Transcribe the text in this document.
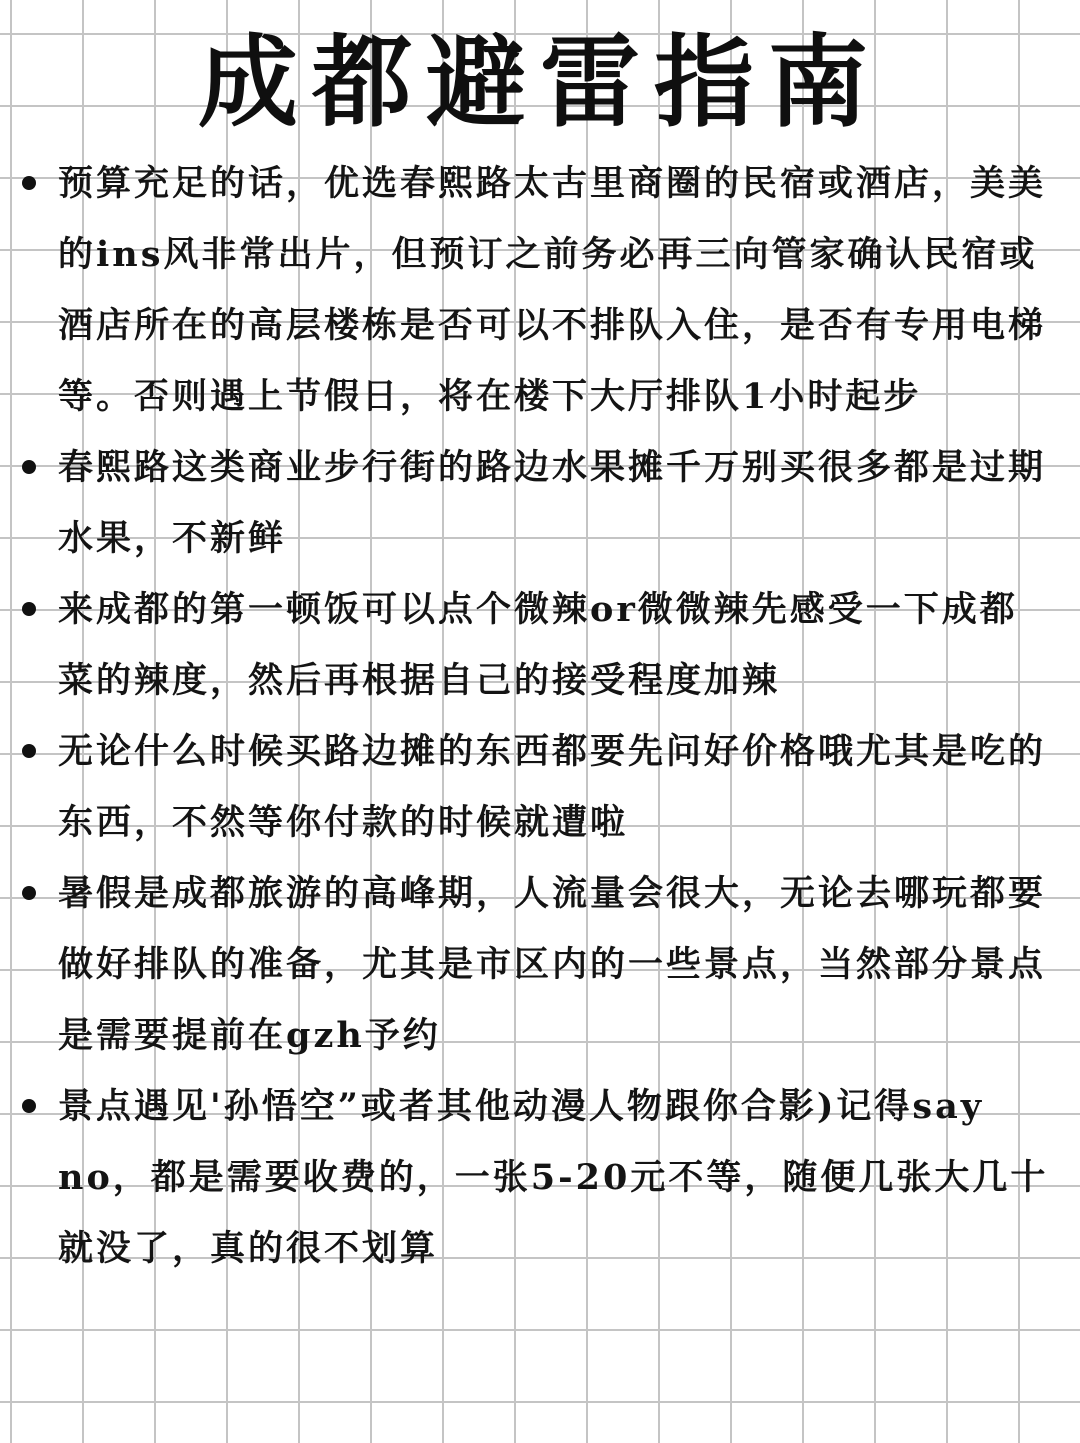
成都避雷指南
预算充足的话，优选春熙路太古里商圈的民宿或酒店，美美的ins风非常出片，但预订之前务必再三向管家确认民宿或酒店所在的高层楼栋是否可以不排队入住，是否有专用电梯等。否则遇上节假日，将在楼下大厅排队1小时起步
春熙路这类商业步行街的路边水果摊千万别买很多都是过期水果，不新鲜
来成都的第一顿饭可以点个微辣or微微辣先感受一下成都菜的辣度，然后再根据自己的接受程度加辣
无论什么时候买路边摊的东西都要先问好价格哦尤其是吃的东西，不然等你付款的时候就遭啦
暑假是成都旅游的高峰期，人流量会很大，无论去哪玩都要做好排队的准备，尤其是市区内的一些景点，当然部分景点是需要提前在gzh予约
景点遇见'孙悟空”或者其他动漫人物跟你合影)记得say no，都是需要收费的，一张5-20元不等，随便几张大几十就没了，真的很不划算
